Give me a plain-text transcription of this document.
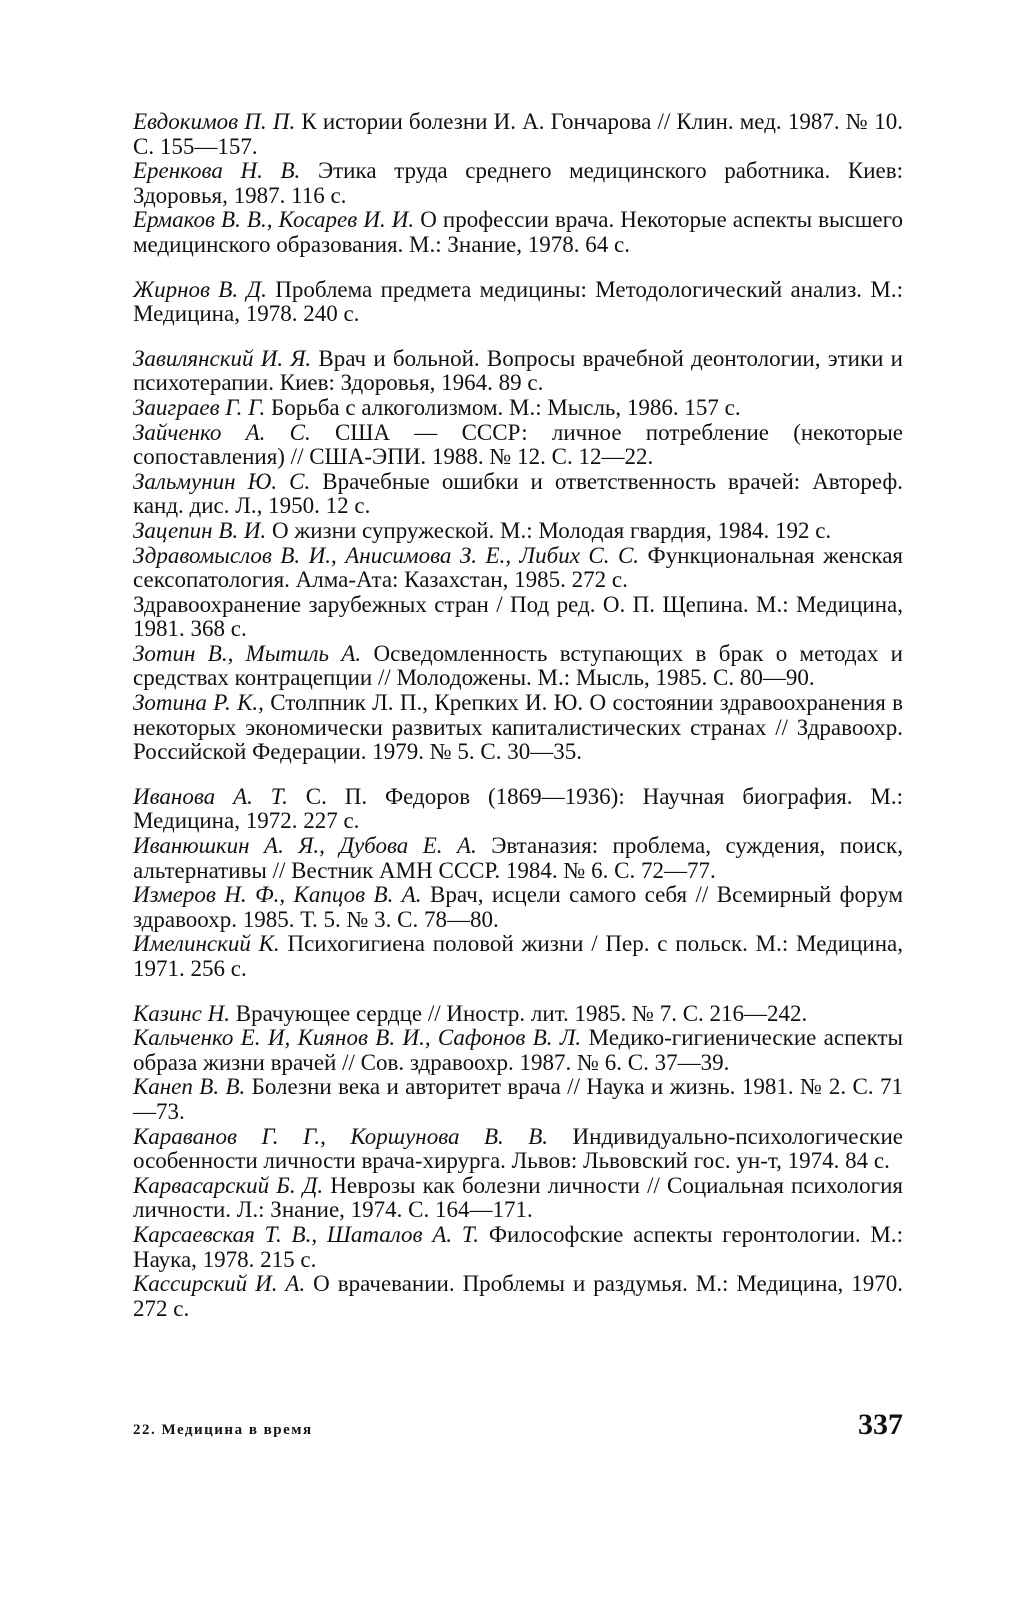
Евдокимов П. П. К истории болезни И. А. Гончарова // Клин. мед. 1987. № 10. С. 155—157.

Еренкова Н. В. Этика труда среднего медицинского работника. Киев: Здоровья, 1987. 116 с.

Ермаков В. В., Косарев И. И. О профессии врача. Некоторые аспекты высшего медицинского образования. М.: Знание, 1978. 64 с.

Жирнов В. Д. Проблема предмета медицины: Методологический анализ. М.: Медицина, 1978. 240 с.

Завилянский И. Я. Врач и больной. Вопросы врачебной деонтологии, этики и психотерапии. Киев: Здоровья, 1964. 89 с.

Заиграев Г. Г. Борьба с алкоголизмом. М.: Мысль, 1986. 157 с.

Зайченко А. С. США — СССР: личное потребление (некоторые сопоставления) // США-ЭПИ. 1988. № 12. С. 12—22.

Зальмунин Ю. С. Врачебные ошибки и ответственность врачей: Автореф. канд. дис. Л., 1950. 12 с.

Зацепин В. И. О жизни супружеской. М.: Молодая гвардия, 1984. 192 с.

Здравомыслов В. И., Анисимова З. Е., Либих С. С. Функциональная женская сексопатология. Алма-Ата: Казахстан, 1985. 272 с.

Здравоохранение зарубежных стран / Под ред. О. П. Щепина. М.: Медицина, 1981. 368 с.

Зотин В., Мытиль А. Осведомленность вступающих в брак о методах и средствах контрацепции // Молодожены. М.: Мысль, 1985. С. 80—90.

Зотина Р. К., Столпник Л. П., Крепких И. Ю. О состоянии здравоохранения в некоторых экономически развитых капиталистических странах // Здравоохр. Российской Федерации. 1979. № 5. С. 30—35.

Иванова А. Т. С. П. Федоров (1869—1936): Научная биография. М.: Медицина, 1972. 227 с.

Иванюшкин А. Я., Дубова Е. А. Эвтаназия: проблема, суждения, поиск, альтернативы // Вестник АМН СССР. 1984. № 6. С. 72—77.

Измеров Н. Ф., Капцов В. А. Врач, исцели самого себя // Всемирный форум здравоохр. 1985. Т. 5. № 3. С. 78—80.

Имелинский К. Психогигиена половой жизни / Пер. с польск. М.: Медицина, 1971. 256 с.

Казинс Н. Врачующее сердце // Иностр. лит. 1985. № 7. С. 216—242.

Кальченко Е. И, Киянов В. И., Сафонов В. Л. Медико-гигиенические аспекты образа жизни врачей // Сов. здравоохр. 1987. № 6. С. 37—39.

Канеп В. В. Болезни века и авторитет врача // Наука и жизнь. 1981. № 2. С. 71—73.

Караванов Г. Г., Коршунова В. В. Индивидуально-психологические особенности личности врача-хирурга. Львов: Львовский гос. ун-т, 1974. 84 с.

Карвасарский Б. Д. Неврозы как болезни личности // Социальная психология личности. Л.: Знание, 1974. С. 164—171.

Карсаевская Т. В., Шаталов А. Т. Философские аспекты геронтологии. М.: Наука, 1978. 215 с.

Кассирский И. А. О врачевании. Проблемы и раздумья. М.: Медицина, 1970. 272 с.

22. Медицина в время	337
